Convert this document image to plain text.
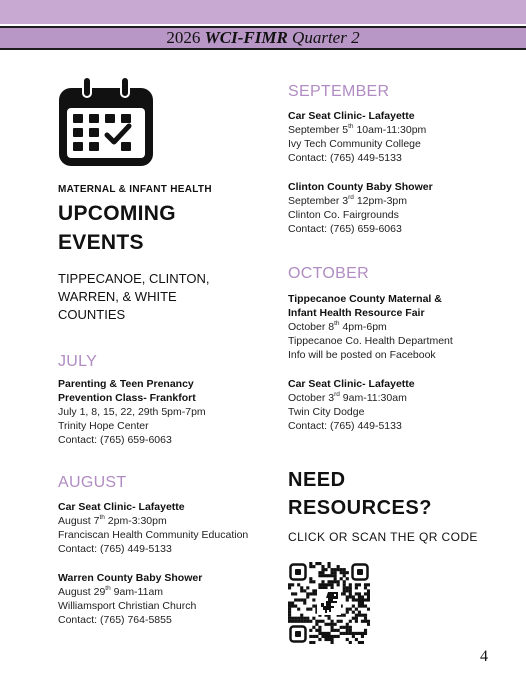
2026 WCI-FIMR Quarter 2
MATERNAL & INFANT HEALTH
UPCOMING
EVENTS
TIPPECANOE, CLINTON,
WARREN, & WHITE
COUNTIES
JULY
Parenting & Teen Prenancy
Prevention Class- Frankfort
July 1, 8, 15, 22, 29th 5pm-7pm
Trinity Hope Center
Contact: (765) 659-6063
AUGUST
Car Seat Clinic- Lafayette
August 7th 2pm-3:30pm
Franciscan Health Community Education
Contact: (765) 449-5133
Warren County Baby Shower
August 29th 9am-11am
Williamsport Christian Church
Contact: (765) 764-5855
SEPTEMBER
Car Seat Clinic- Lafayette
September 5th 10am-11:30pm
Ivy Tech Community College
Contact: (765) 449-5133
Clinton County Baby Shower
September 3rd 12pm-3pm
Clinton Co. Fairgrounds
Contact: (765) 659-6063
OCTOBER
Tippecanoe County Maternal &
Infant Health Resource Fair
October 8th 4pm-6pm
Tippecanoe Co. Health Department
Info will be posted on Facebook
Car Seat Clinic- Lafayette
October 3rd 9am-11:30am
Twin City Dodge
Contact: (765) 449-5133
NEED
RESOURCES?
CLICK OR SCAN THE QR CODE
4
